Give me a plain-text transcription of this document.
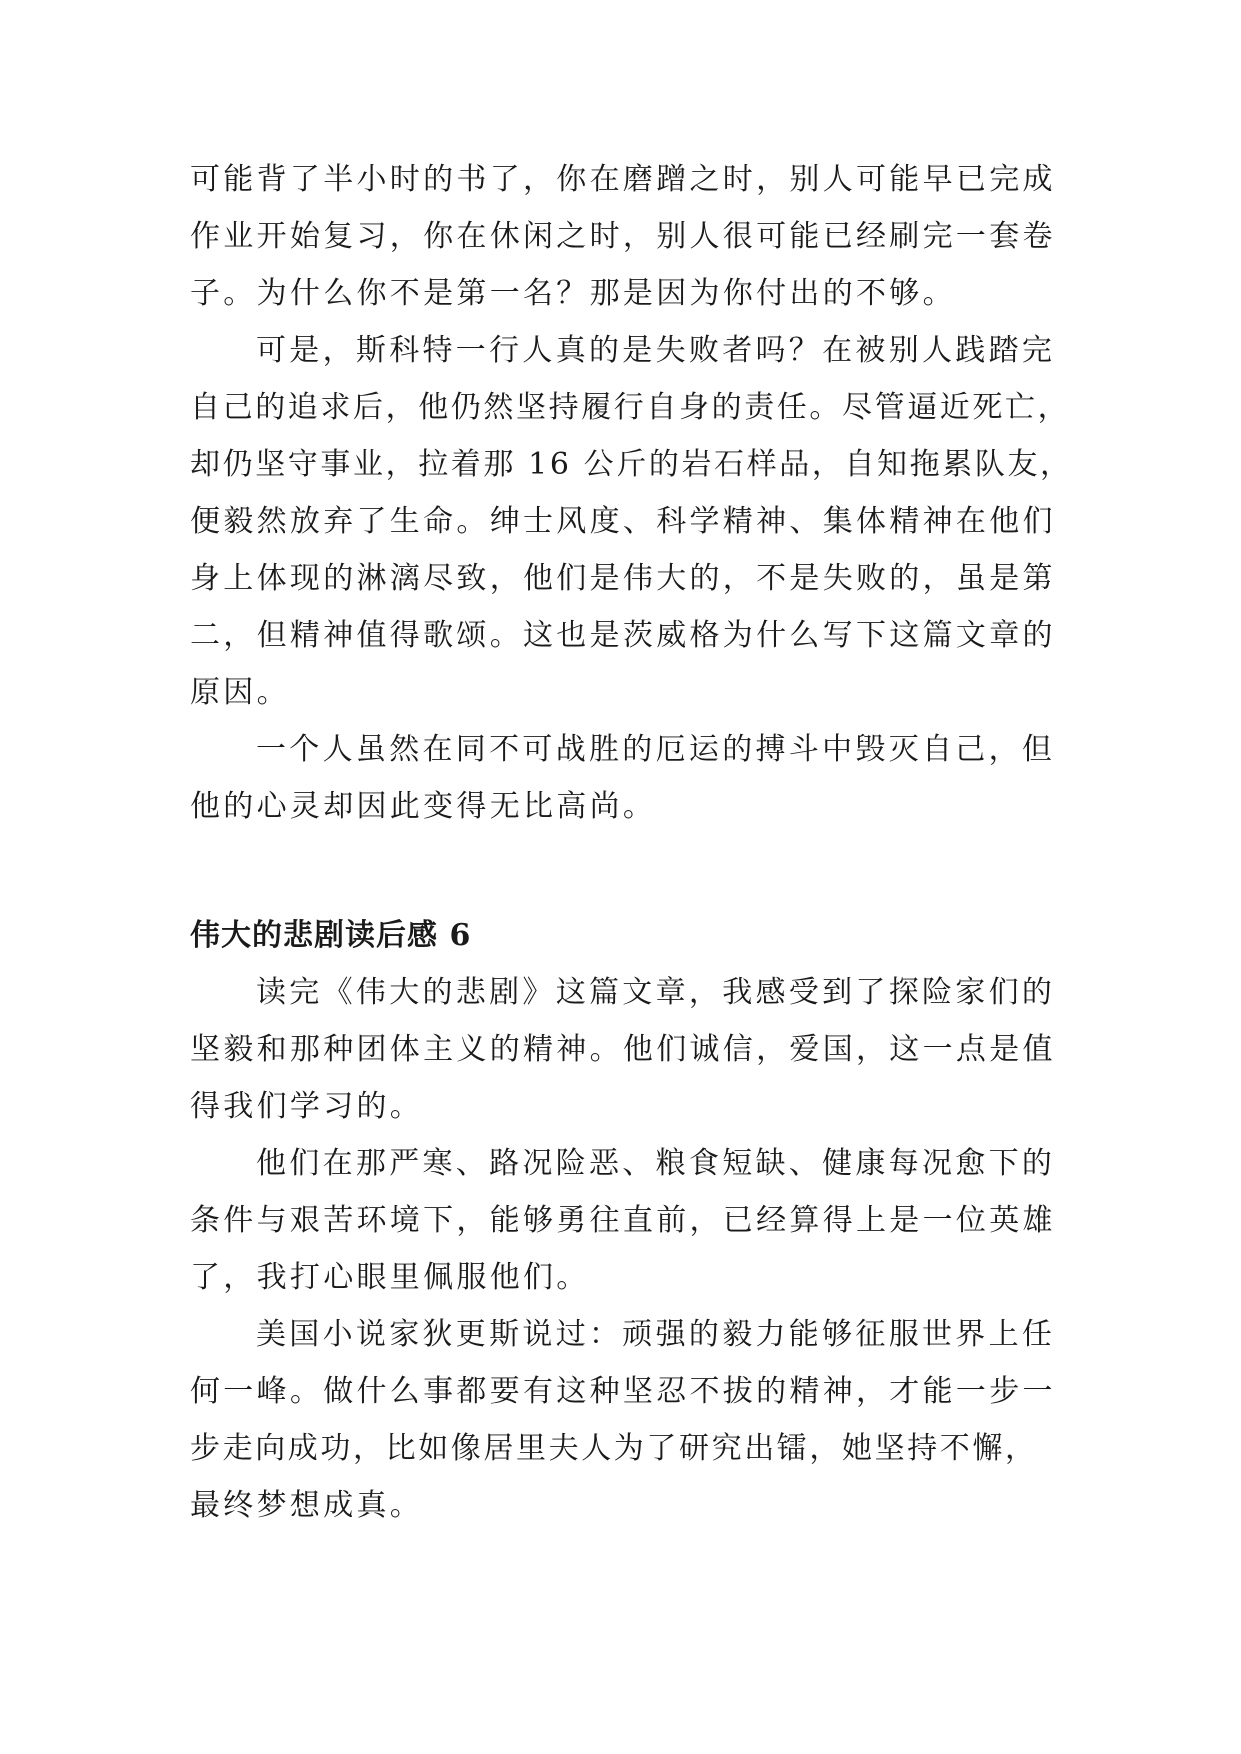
可能背了半小时的书了，你在磨蹭之时，别人可能早已完成

作业开始复习，你在休闲之时，别人很可能已经刷完一套卷

子。为什么你不是第一名？那是因为你付出的不够。

可是，斯科特一行人真的是失败者吗？在被别人践踏完

自己的追求后，他仍然坚持履行自身的责任。尽管逼近死亡，

却仍坚守事业，拉着那 16 公斤的岩石样品，自知拖累队友，

便毅然放弃了生命。绅士风度、科学精神、集体精神在他们

身上体现的淋漓尽致，他们是伟大的，不是失败的，虽是第

二，但精神值得歌颂。这也是茨威格为什么写下这篇文章的

原因。

一个人虽然在同不可战胜的厄运的搏斗中毁灭自己，但

他的心灵却因此变得无比高尚。

伟大的悲剧读后感 6

读完《伟大的悲剧》这篇文章，我感受到了探险家们的

坚毅和那种团体主义的精神。他们诚信，爱国，这一点是值

得我们学习的。

他们在那严寒、路况险恶、粮食短缺、健康每况愈下的

条件与艰苦环境下，能够勇往直前，已经算得上是一位英雄

了，我打心眼里佩服他们。

美国小说家狄更斯说过：顽强的毅力能够征服世界上任

何一峰。做什么事都要有这种坚忍不拔的精神，才能一步一

步走向成功，比如像居里夫人为了研究出镭，她坚持不懈，

最终梦想成真。
